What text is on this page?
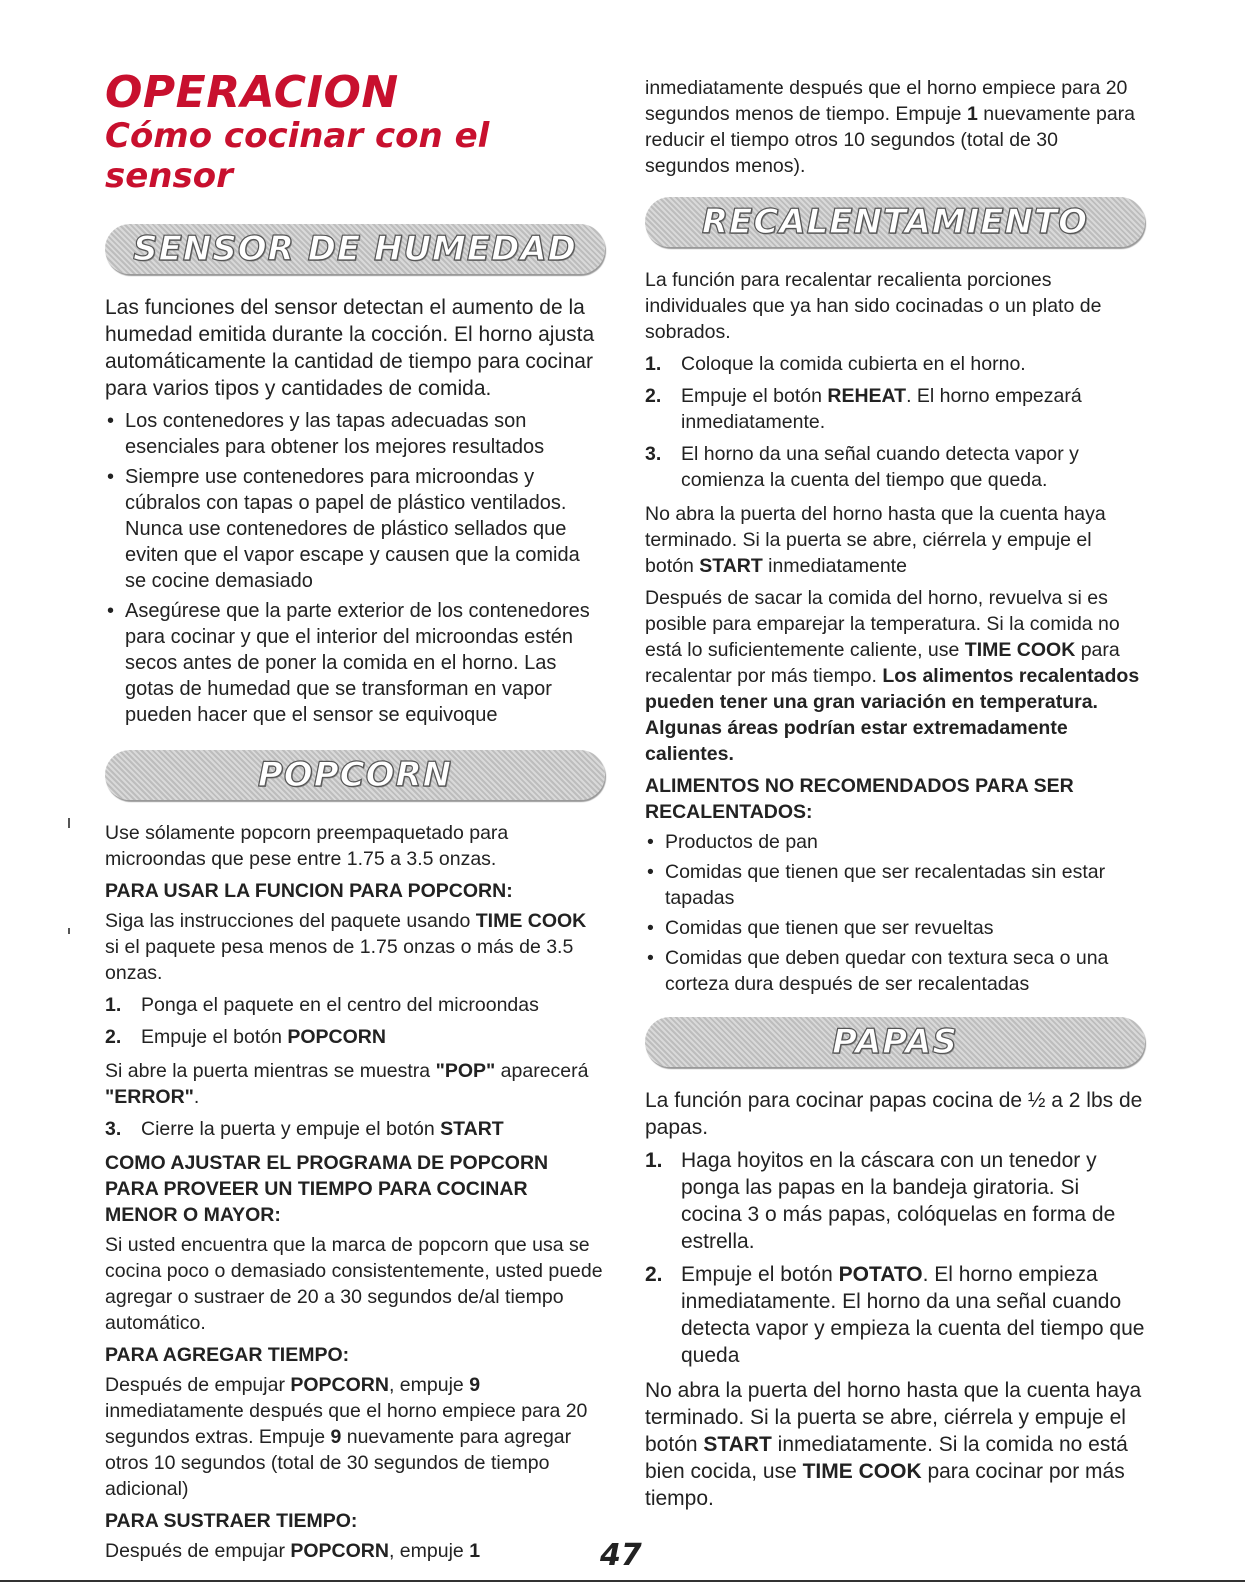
OPERACION
Cómo cocinar con el sensor
SENSOR DE HUMEDAD

Las funciones del sensor detectan el aumento de la humedad emitida durante la cocción. El horno ajusta automáticamente la cantidad de tiempo para cocinar para varios tipos y cantidades de comida.

• Los contenedores y las tapas adecuadas son esenciales para obtener los mejores resultados
• Siempre use contenedores para microondas y cúbralos con tapas o papel de plástico ventilados. Nunca use contenedores de plástico sellados que eviten que el vapor escape y causen que la comida se cocine demasiado
• Asegúrese que la parte exterior de los contenedores para cocinar y que el interior del microondas estén secos antes de poner la comida en el horno. Las gotas de humedad que se transforman en vapor pueden hacer que el sensor se equivoque
POPCORN

Use sólamente popcorn preempaquetado para microondas que pese entre 1.75 a 3.5 onzas.

PARA USAR LA FUNCION PARA POPCORN:

Siga las instrucciones del paquete usando TIME COOK si el paquete pesa menos de 1.75 onzas o más de 3.5 onzas.

1. Ponga el paquete en el centro del microondas
2. Empuje el botón POPCORN

Si abre la puerta mientras se muestra "POP" aparecerá "ERROR".

3. Cierre la puerta y empuje el botón START
COMO AJUSTAR EL PROGRAMA DE POPCORN PARA PROVEER UN TIEMPO PARA COCINAR MENOR O MAYOR:

Si usted encuentra que la marca de popcorn que usa se cocina poco o demasiado consistentemente, usted puede agregar o sustraer de 20 a 30 segundos de/al tiempo automático.

PARA AGREGAR TIEMPO:

Después de empujar POPCORN, empuje 9 inmediatamente después que el horno empiece para 20 segundos extras. Empuje 9 nuevamente para agregar otros 10 segundos (total de 30 segundos de tiempo adicional)

PARA SUSTRAER TIEMPO:

Después de empujar POPCORN, empuje 1

inmediatamente después que el horno empiece para 20 segundos menos de tiempo. Empuje 1 nuevamente para reducir el tiempo otros 10 segundos (total de 30 segundos menos).

RECALENTAMIENTO

La función para recalentar recalienta porciones individuales que ya han sido cocinadas o un plato de sobrados.

1. Coloque la comida cubierta en el horno.
2. Empuje el botón REHEAT. El horno empezará inmediatamente.
3. El horno da una señal cuando detecta vapor y comienza la cuenta del tiempo que queda.

No abra la puerta del horno hasta que la cuenta haya terminado. Si la puerta se abre, ciérrela y empuje el botón START inmediatamente

Después de sacar la comida del horno, revuelva si es posible para emparejar la temperatura. Si la comida no está lo suficientemente caliente, use TIME COOK para recalentar por más tiempo. Los alimentos recalentados pueden tener una gran variación en temperatura. Algunas áreas podrían estar extremadamente calientes.

ALIMENTOS NO RECOMENDADOS PARA SER RECALENTADOS:
• Productos de pan
• Comidas que tienen que ser recalentadas sin estar tapadas
• Comidas que tienen que ser revueltas
• Comidas que deben quedar con textura seca o una corteza dura después de ser recalentadas
PAPAS

La función para cocinar papas cocina de ½ a 2 lbs de papas.

1. Haga hoyitos en la cáscara con un tenedor y ponga las papas en la bandeja giratoria. Si cocina 3 o más papas, colóquelas en forma de estrella.
2. Empuje el botón POTATO. El horno empieza inmediatamente. El horno da una señal cuando detecta vapor y empieza la cuenta del tiempo que queda

No abra la puerta del horno hasta que la cuenta haya terminado. Si la puerta se abre, ciérrela y empuje el botón START inmediatamente. Si la comida no está bien cocida, use TIME COOK para cocinar por más tiempo.

47
